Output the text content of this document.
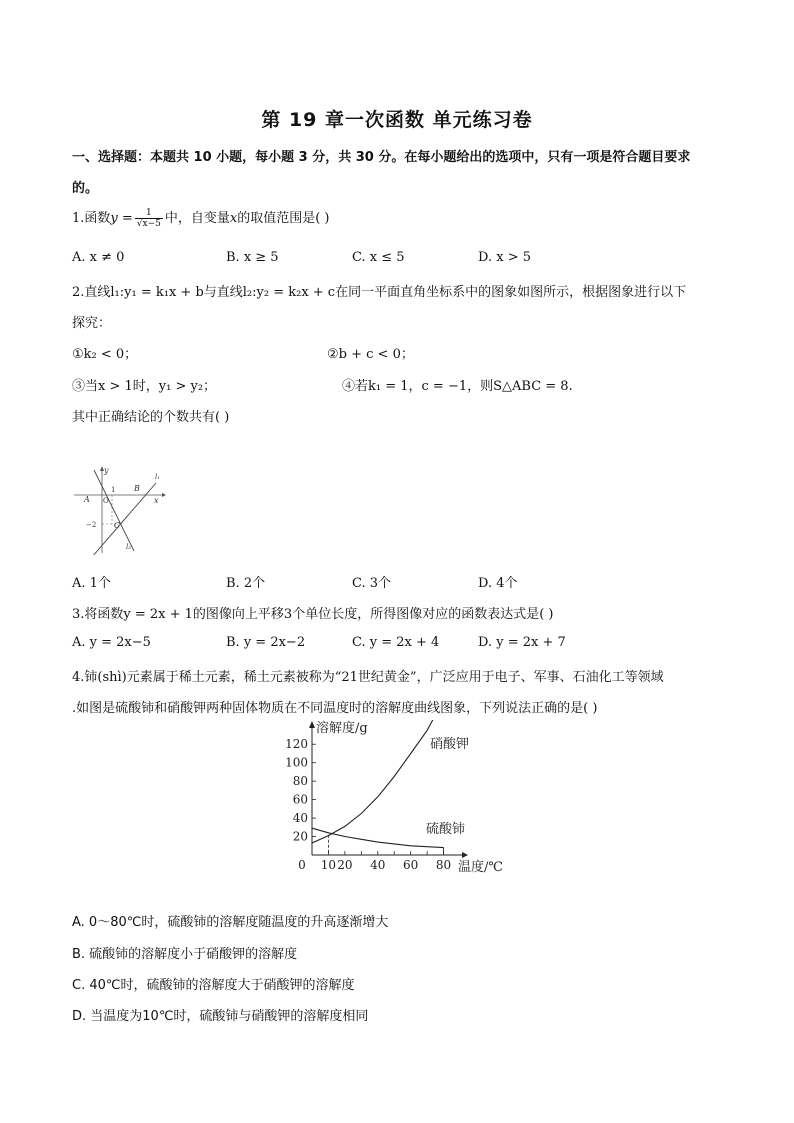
第 19 章一次函数 单元练习卷
一、选择题：本题共 10 小题，每小题 3 分，共 30 分。在每小题给出的选项中，只有一项是符合题目要求
的。
1.函数$y = \frac{1}{√x-5}$ 中，自变量x的取值范围是( )
A. x ≠ 0	B. x ≥ 5	C. x ≤ 5	D. x > 5
2.直线l₁:y₁ = k₁x + b与直线l₂:y₂ = k₂x + c在同一平面直角坐标系中的图象如图所示，根据图象进行以下
探究：
①k₂ < 0；	②b + c < 0；
③当x > 1时，y₁ > y₂；	④若k₁ = 1，c = −1，则S△ABC = 8.
其中正确结论的个数共有( )
y
x
l₁
l₂
O
1
A
B
C
−2
A. 1个	B. 2个	C. 3个	D. 4个
3.将函数y = 2x + 1的图像向上平移3个单位长度，所得图像对应的函数表达式是( )
A. y = 2x−5	B. y = 2x−2	C. y = 2x + 4	D. y = 2x + 7
4.铈(shì)元素属于稀土元素，稀土元素被称为“21世纪黄金”，广泛应用于电子、军事、石油化工等领域
.如图是硫酸铈和硝酸钾两种固体物质在不同温度时的溶解度曲线图象，下列说法正确的是( )
0 10 20 40 60 80
20
40
60
80
100
120
溶解度/g
温度/℃
硝酸钾
硫酸铈
A. 0～80℃时，硫酸铈的溶解度随温度的升高逐渐增大
B. 硫酸铈的溶解度小于硝酸钾的溶解度
C. 40℃时，硫酸铈的溶解度大于硝酸钾的溶解度
D. 当温度为10℃时，硫酸铈与硝酸钾的溶解度相同
